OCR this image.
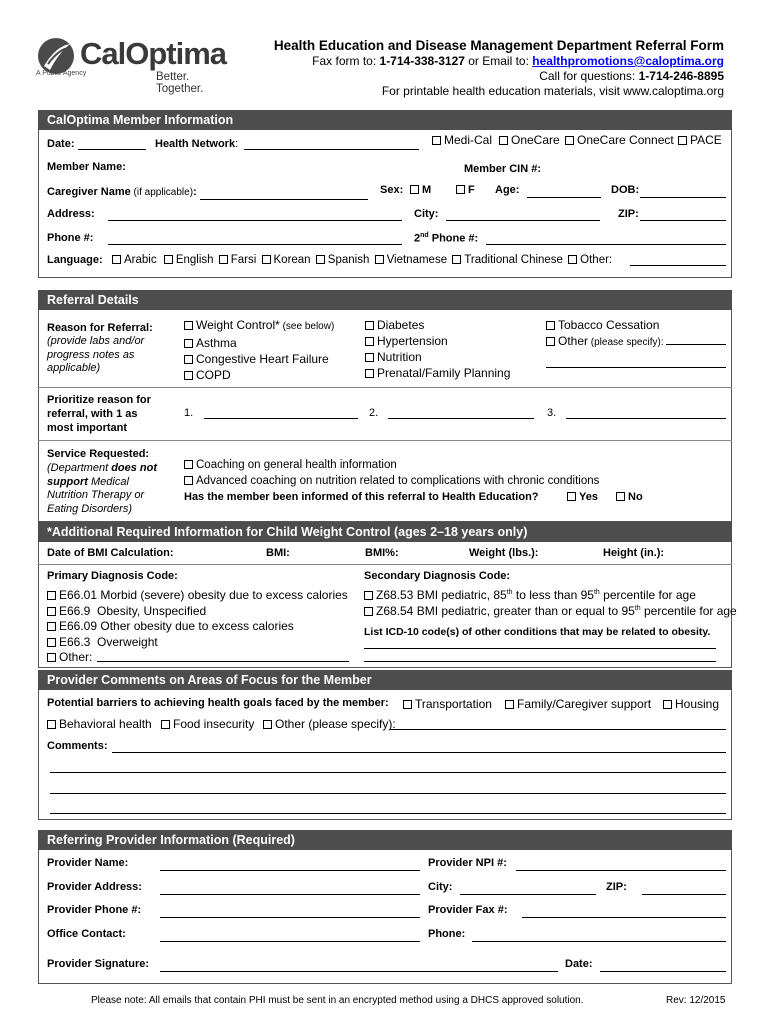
CalOptima
A Public Agency	Better. Together.
Health Education and Disease Management Department Referral Form
Fax form to: 1-714-338-3127 or Email to: healthpromotions@caloptima.org
Call for questions: 1-714-246-8895
For printable health education materials, visit www.caloptima.org
CalOptima Member Information
Date:	Health Network:	Medi-Cal	OneCare	OneCare Connect	PACE
Member Name:	Member CIN #:
Caregiver Name (if applicable):	Sex:	M	F Age:	DOB:
Address:	City:	ZIP:
Phone #:	2nd Phone #:
Language:	Arabic English Farsi Korean Spanish Vietnamese Traditional Chinese Other:
Referral Details
Reason for Referral:
(provide labs and/or progress notes as applicable)
Weight Control* (see below)
Asthma
Congestive Heart Failure
COPD
Diabetes
Hypertension
Nutrition
Prenatal/Family Planning
Tobacco Cessation
Other (please specify):
Prioritize reason for referral, with 1 as most important
1.	2.	3.
Service Requested:
(Department does not support Medical Nutrition Therapy or Eating Disorders)
Coaching on general health information
Advanced coaching on nutrition related to complications with chronic conditions
Has the member been informed of this referral to Health Education?	Yes	No
*Additional Required Information for Child Weight Control (ages 2–18 years only)
Date of BMI Calculation:	BMI:	BMI%:	Weight (lbs.):	Height (in.):
Primary Diagnosis Code:
E66.01 Morbid (severe) obesity due to excess calories
E66.9  Obesity, Unspecified
E66.09 Other obesity due to excess calories
E66.3  Overweight
Other:
Secondary Diagnosis Code:
Z68.53 BMI pediatric, 85th to less than 95th percentile for age
Z68.54 BMI pediatric, greater than or equal to 95th percentile for age
List ICD-10 code(s) of other conditions that may be related to obesity.
Provider Comments on Areas of Focus for the Member
Potential barriers to achieving health goals faced by the member:	Transportation	Family/Caregiver support	Housing
Behavioral health	Food insecurity	Other (please specify):
Comments:
Referring Provider Information (Required)
Provider Name:	Provider NPI #:
Provider Address:	City:	ZIP:
Provider Phone #:	Provider Fax #:
Office Contact:	Phone:
Provider Signature:	Date:
Please note: All emails that contain PHI must be sent in an encrypted method using a DHCS approved solution.	Rev: 12/2015
